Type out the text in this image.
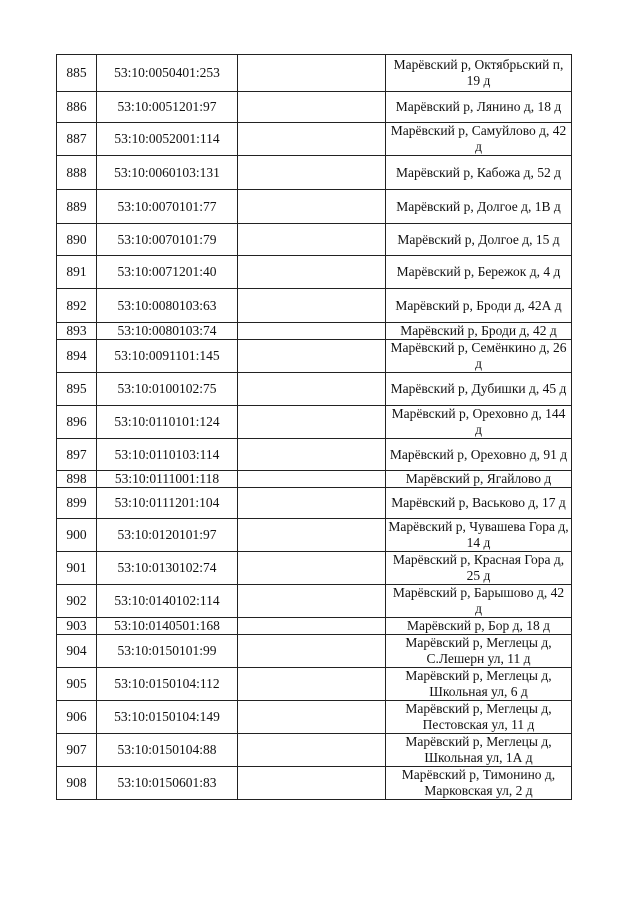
885	53:10:0050401:253		Марёвский р, Октябрьский п, 19 д
886	53:10:0051201:97		Марёвский р, Лянино д, 18 д
887	53:10:0052001:114		Марёвский р, Самуйлово д, 42 д
888	53:10:0060103:131		Марёвский р, Кабожа д, 52 д
889	53:10:0070101:77		Марёвский р, Долгое д, 1В д
890	53:10:0070101:79		Марёвский р, Долгое д, 15 д
891	53:10:0071201:40		Марёвский р, Бережок д, 4 д
892	53:10:0080103:63		Марёвский р, Броди д, 42А д
893	53:10:0080103:74		Марёвский р, Броди д, 42 д
894	53:10:0091101:145		Марёвский р, Семёнкино д, 26 д
895	53:10:0100102:75		Марёвский р, Дубишки д, 45 д
896	53:10:0110101:124		Марёвский р, Ореховно д, 144 д
897	53:10:0110103:114		Марёвский р, Ореховно д, 91 д
898	53:10:0111001:118		Марёвский р, Ягайлово д
899	53:10:0111201:104		Марёвский р, Васьково д, 17 д
900	53:10:0120101:97		Марёвский р, Чувашева Гора д, 14 д
901	53:10:0130102:74		Марёвский р, Красная Гора д, 25 д
902	53:10:0140102:114		Марёвский р, Барышово д, 42 д
903	53:10:0140501:168		Марёвский р, Бор д, 18 д
904	53:10:0150101:99		Марёвский р, Меглецы д, С.Лешерн ул, 11 д
905	53:10:0150104:112		Марёвский р, Меглецы д, Школьная ул, 6 д
906	53:10:0150104:149		Марёвский р, Меглецы д, Пестовская ул, 11 д
907	53:10:0150104:88		Марёвский р, Меглецы д, Школьная ул, 1А д
908	53:10:0150601:83		Марёвский р, Тимонино д, Марковская ул, 2 д
